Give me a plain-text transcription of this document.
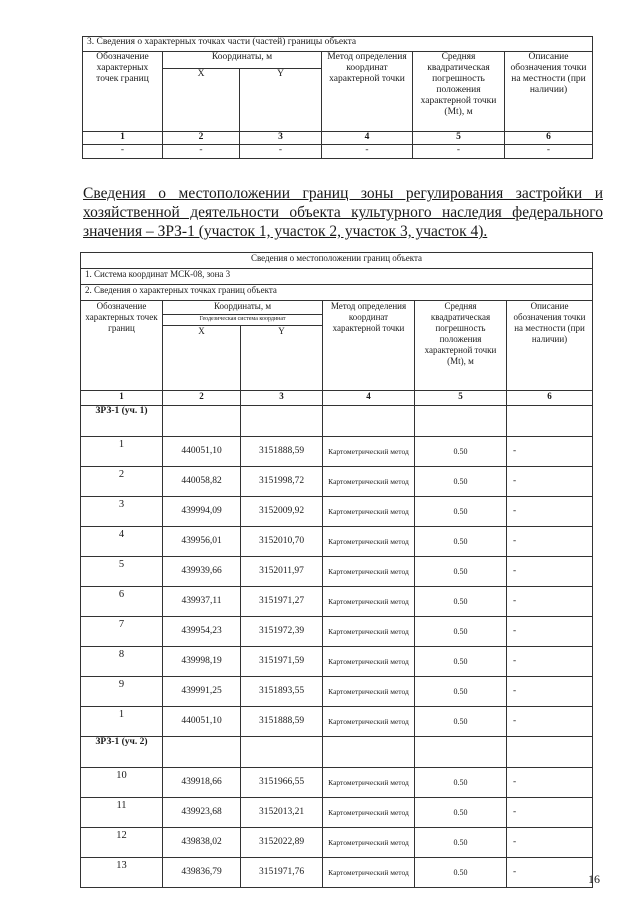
3. Сведения о характерных точках части (частей) границы объекта					
Обозначение характерных точек границ	Координаты, м		Метод определения координат характерной точки	Средняя квадратическая погрешность положения характерной точки (Mt), м	Описание обозначения точки на местности (при наличии)
	X	Y			
1	2	3	4	5	6
-	-	-	-	-	-
Сведения о местоположении границ зоны регулирования застройки и хозяйственной деятельности объекта культурного наследия федерального значения – ЗРЗ-1 (участок 1, участок 2, участок 3, участок 4).
Сведения о местоположении границ объекта					
1. Система координат МСК-08, зона 3					
2. Сведения о характерных точках границ объекта					
Обозначение характерных точек границ	Координаты, м		Метод определения координат характерной точки	Средняя квадратическая погрешность положения характерной точки (Mt), м	Описание обозначения точки на местности (при наличии)
	Геодезическая система координат				
	X	Y			
1	2	3	4	5	6
ЗРЗ-1 (уч. 1)					
1	440051,10	3151888,59	Картометрический метод	0.50	-
2	440058,82	3151998,72	Картометрический метод	0.50	-
3	439994,09	3152009,92	Картометрический метод	0.50	-
4	439956,01	3152010,70	Картометрический метод	0.50	-
5	439939,66	3152011,97	Картометрический метод	0.50	-
6	439937,11	3151971,27	Картометрический метод	0.50	-
7	439954,23	3151972,39	Картометрический метод	0.50	-
8	439998,19	3151971,59	Картометрический метод	0.50	-
9	439991,25	3151893,55	Картометрический метод	0.50	-
1	440051,10	3151888,59	Картометрический метод	0.50	-
ЗРЗ-1 (уч. 2)					
10	439918,66	3151966,55	Картометрический метод	0.50	-
11	439923,68	3152013,21	Картометрический метод	0.50	-
12	439838,02	3152022,89	Картометрический метод	0.50	-
13	439836,79	3151971,76	Картометрический метод	0.50	-	16
